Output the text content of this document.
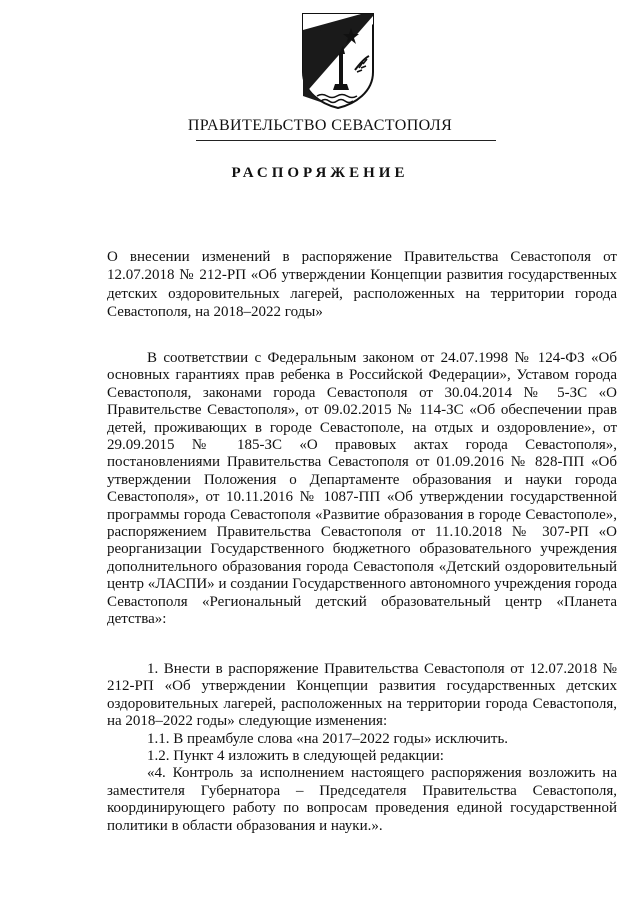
ПРАВИТЕЛЬСТВО СЕВАСТОПОЛЯ
РАСПОРЯЖЕНИЕ
О внесении изменений в распоряжение Правительства Севастополя от 12.07.2018 № 212-РП «Об утверждении Концепции развития государственных детских оздоровительных лагерей, расположенных на территории города Севастополя, на 2018–2022 годы»

В соответствии с Федеральным законом от 24.07.1998 № 124-ФЗ «Об основных гарантиях прав ребенка в Российской Федерации», Уставом города Севастополя, законами города Севастополя от 30.04.2014 № 5-ЗС «О Правительстве Севастополя», от 09.02.2015 № 114-ЗС «Об обеспечении прав детей, проживающих в городе Севастополе, на отдых и оздоровление», от 29.09.2015 № 185-ЗС «О правовых актах города Севастополя», постановлениями Правительства Севастополя от 01.09.2016 № 828-ПП «Об утверждении Положения о Департаменте образования и науки города Севастополя», от 10.11.2016 № 1087-ПП «Об утверждении государственной программы города Севастополя «Развитие образования в городе Севастополе», распоряжением Правительства Севастополя от 11.10.2018 № 307-РП «О реорганизации Государственного бюджетного образовательного учреждения дополнительного образования города Севастополя «Детский оздоровительный центр «ЛАСПИ» и создании Государственного автономного учреждения города Севастополя «Региональный детский образовательный центр «Планета детства»:

1. Внести в распоряжение Правительства Севастополя от 12.07.2018 № 212-РП «Об утверждении Концепции развития государственных детских оздоровительных лагерей, расположенных на территории города Севастополя, на 2018–2022 годы» следующие изменения:

1.1. В преамбуле слова «на 2017–2022 годы» исключить.

1.2. Пункт 4 изложить в следующей редакции:

«4. Контроль за исполнением настоящего распоряжения возложить на заместителя Губернатора – Председателя Правительства Севастополя, координирующего работу по вопросам проведения единой государственной политики в области образования и науки.».
